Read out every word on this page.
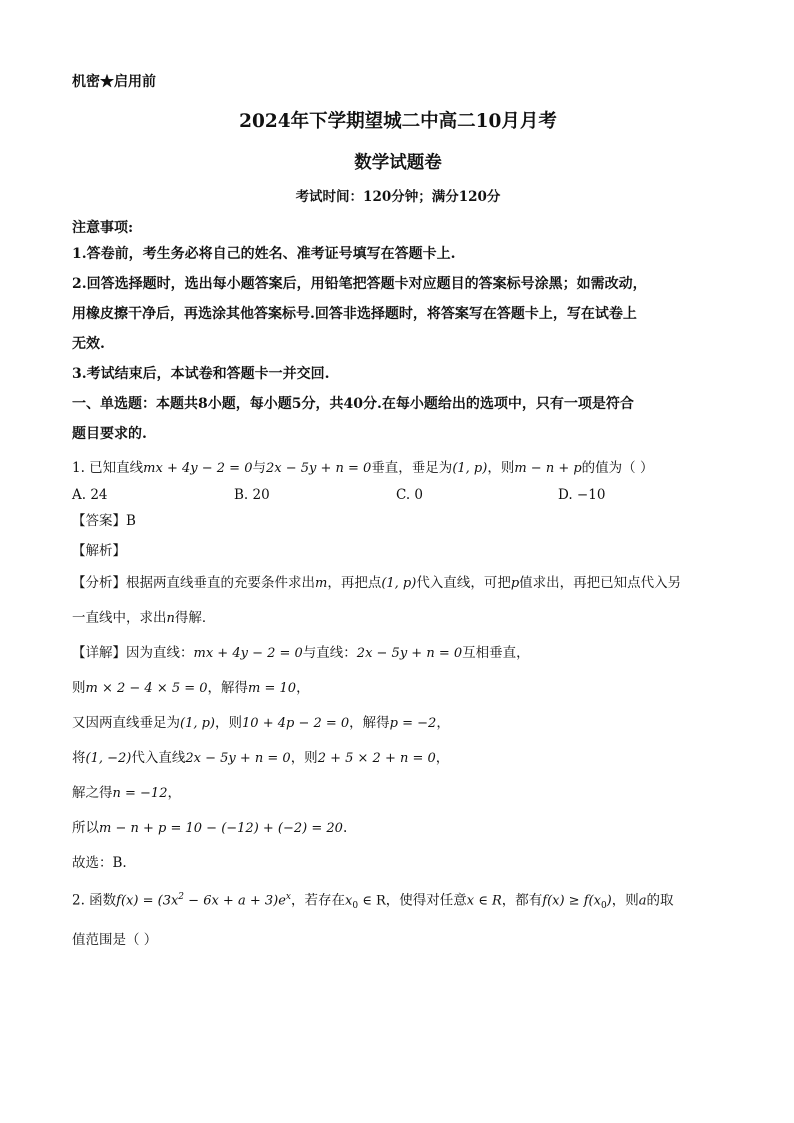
机密★启用前
2024年下学期望城二中高二10月月考
数学试题卷
考试时间：120分钟；满分120分
注意事项:
1.答卷前，考生务必将自己的姓名、准考证号填写在答题卡上.
2.回答选择题时，选出每小题答案后，用铅笔把答题卡对应题目的答案标号涂黑；如需改动，
用橡皮擦干净后，再选涂其他答案标号.回答非选择题时，将答案写在答题卡上，写在试卷上
无效.
3.考试结束后，本试卷和答题卡一并交回.
一、单选题：本题共8小题，每小题5分，共40分.在每小题给出的选项中，只有一项是符合
题目要求的.
1. 已知直线mx + 4y − 2 = 0与2x − 5y + n = 0垂直，垂足为(1, p)，则m − n + p的值为（ ）
A. 24	B. 20	C. 0	D. −10
【答案】B
【解析】
【分析】根据两直线垂直的充要条件求出m，再把点(1, p)代入直线，可把p值求出，再把已知点代入另
一直线中，求出n得解．
【详解】因为直线：mx + 4y − 2 = 0与直线：2x − 5y + n = 0互相垂直，
则m × 2 − 4 × 5 = 0，解得m = 10，
又因两直线垂足为(1, p)，则10 + 4p − 2 = 0，解得p = −2，
将(1, −2)代入直线2x − 5y + n = 0，则2 + 5 × 2 + n = 0，
解之得n = −12，
所以m − n + p = 10 − (−12) + (−2) = 20.
故选：B.
2. 函数$f(x) = (3x^2 - 6x + a + 3)e^x$，若存在$x_0$ ∈ R，使得对任意x ∈ R，都有$f(x) \ge f(x_0)$，则a的取
值范围是（ ）
